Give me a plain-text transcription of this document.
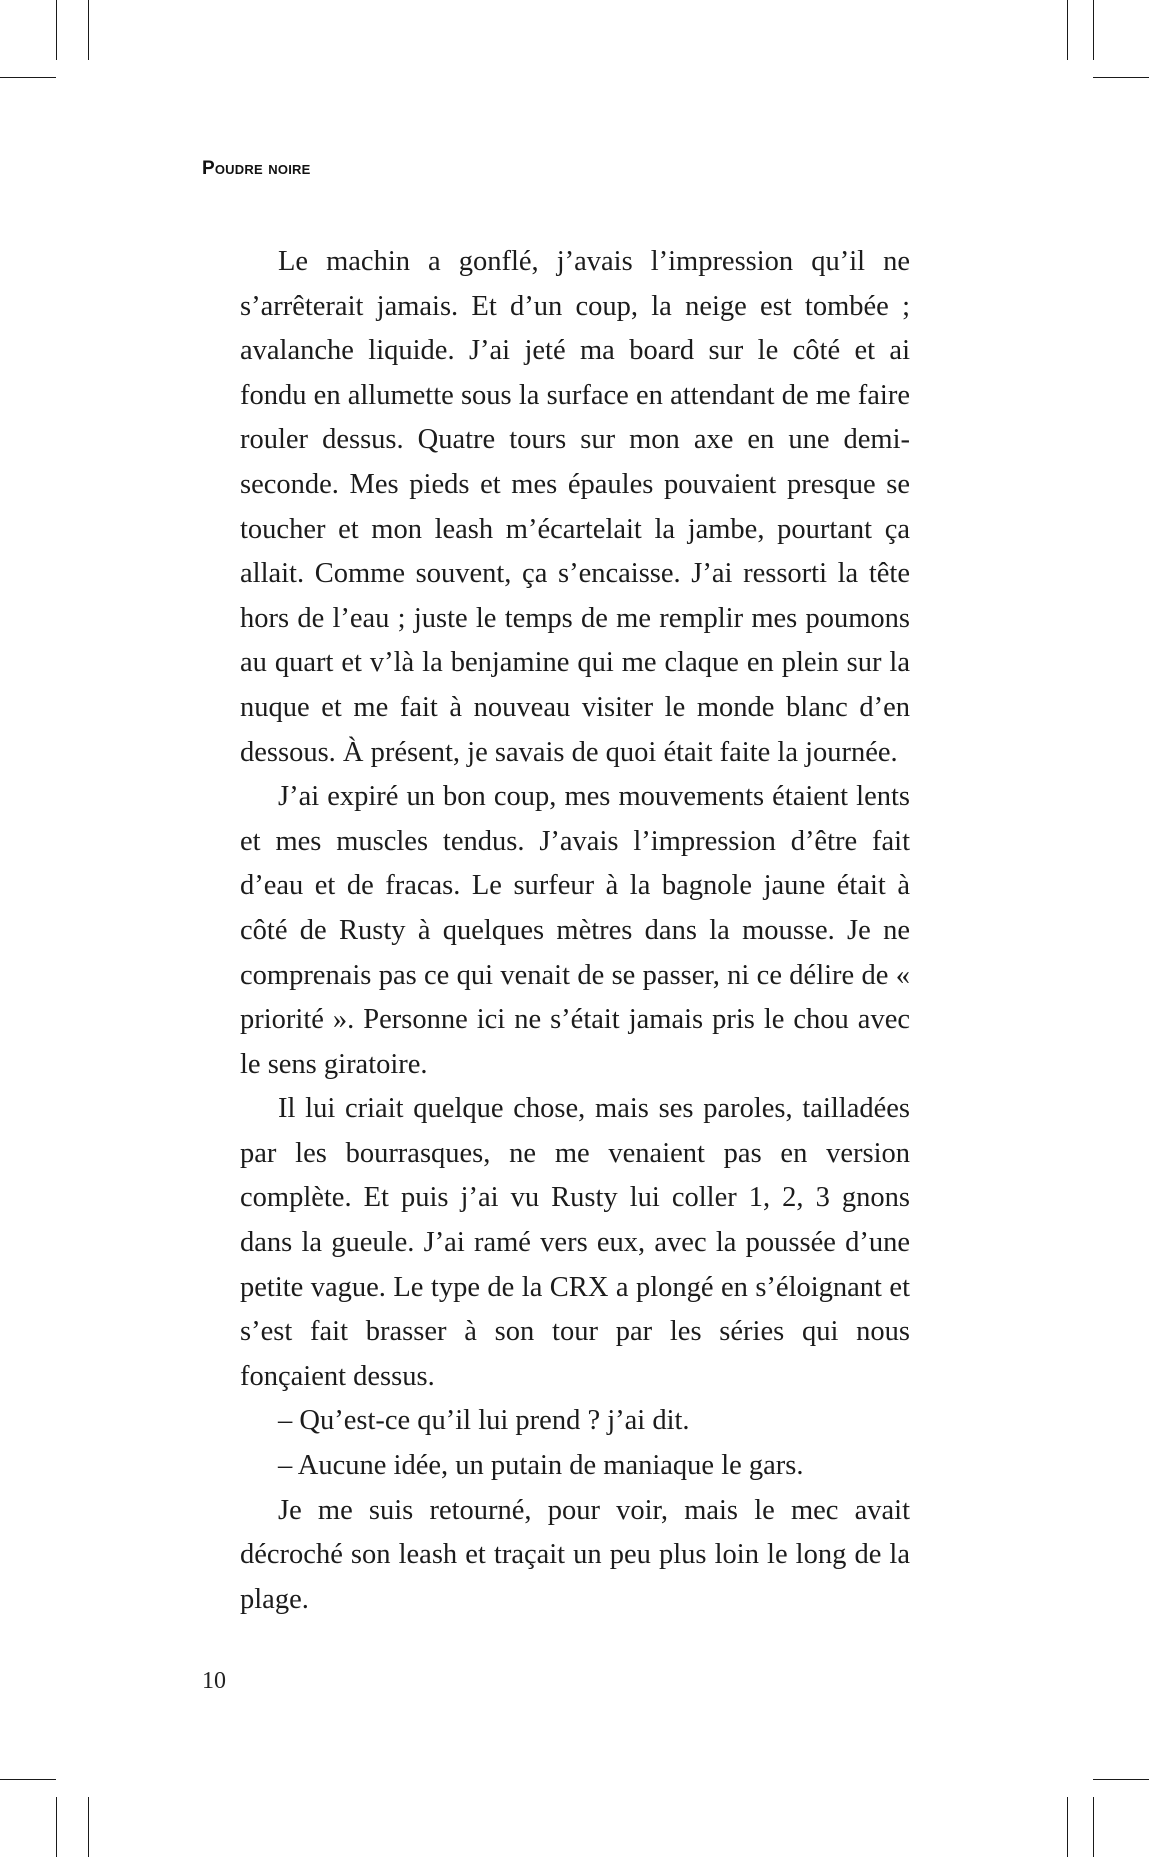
Poudre noire

Le machin a gonflé, j’avais l’impression qu’il ne s’arrêterait jamais. Et d’un coup, la neige est tombée ; avalanche liquide. J’ai jeté ma board sur le côté et ai fondu en allumette sous la surface en attendant de me faire rouler dessus. Quatre tours sur mon axe en une demi-seconde. Mes pieds et mes épaules pouvaient presque se toucher et mon leash m’écartelait la jambe, pourtant ça allait. Comme souvent, ça s’encaisse. J’ai ressorti la tête hors de l’eau ; juste le temps de me remplir mes poumons au quart et v’là la benjamine qui me claque en plein sur la nuque et me fait à nouveau visiter le monde blanc d’en dessous. À présent, je savais de quoi était faite la journée.

J’ai expiré un bon coup, mes mouvements étaient lents et mes muscles tendus. J’avais l’impression d’être fait d’eau et de fracas. Le surfeur à la bagnole jaune était à côté de Rusty à quelques mètres dans la mousse. Je ne comprenais pas ce qui venait de se passer, ni ce délire de « priorité ». Personne ici ne s’était jamais pris le chou avec le sens giratoire.

Il lui criait quelque chose, mais ses paroles, tailladées par les bourrasques, ne me venaient pas en version complète. Et puis j’ai vu Rusty lui coller 1, 2, 3 gnons dans la gueule. J’ai ramé vers eux, avec la poussée d’une petite vague. Le type de la CRX a plongé en s’éloignant et s’est fait brasser à son tour par les séries qui nous fonçaient dessus.

– Qu’est-ce qu’il lui prend ? j’ai dit.

– Aucune idée, un putain de maniaque le gars.

Je me suis retourné, pour voir, mais le mec avait décroché son leash et traçait un peu plus loin le long de la plage.

10
